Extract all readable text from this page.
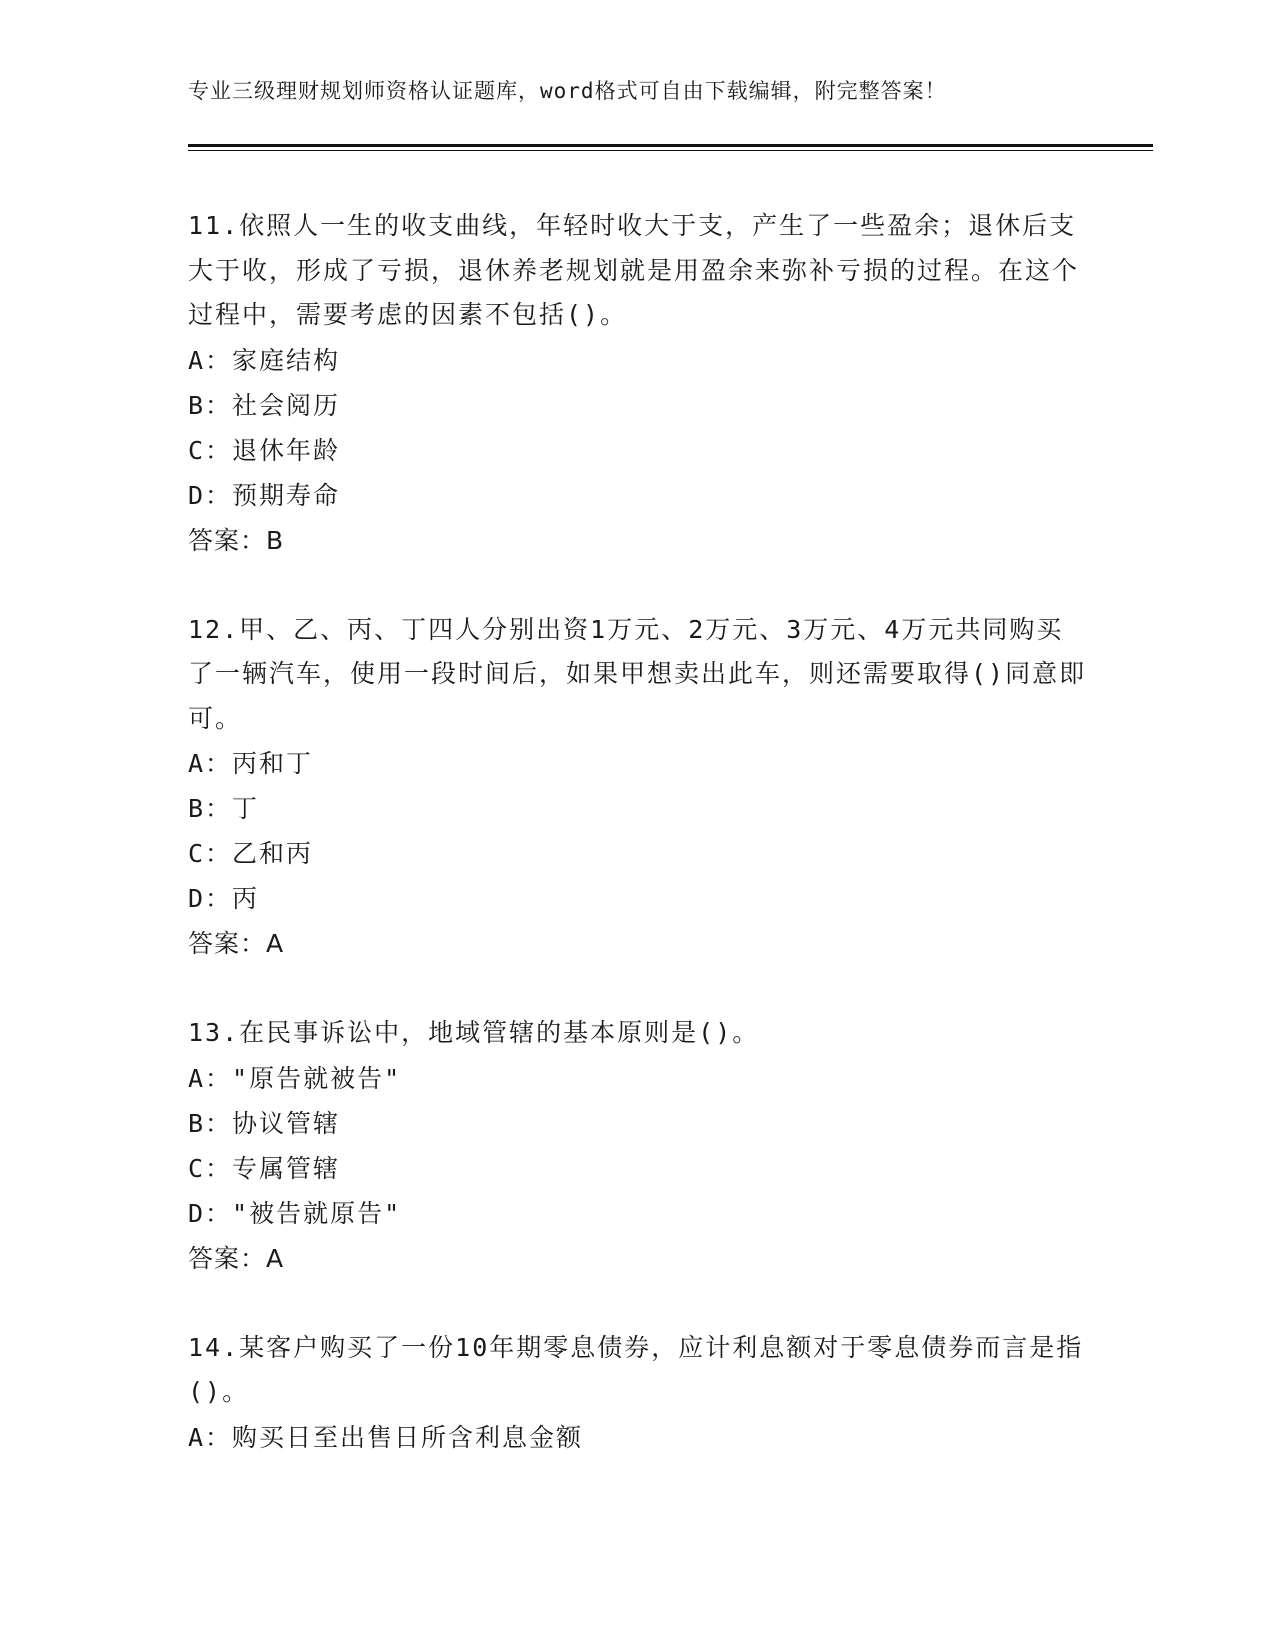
专业三级理财规划师资格认证题库，word格式可自由下载编辑，附完整答案！

11.依照人一生的收支曲线，年轻时收大于支，产生了一些盈余；退休后支大于收，形成了亏损，退休养老规划就是用盈余来弥补亏损的过程。在这个过程中，需要考虑的因素不包括()。

A：家庭结构

B：社会阅历

C：退休年龄

D：预期寿命

答案：B

12.甲、乙、丙、丁四人分别出资1万元、2万元、3万元、4万元共同购买了一辆汽车，使用一段时间后，如果甲想卖出此车，则还需要取得()同意即可。

A：丙和丁

B：丁

C：乙和丙

D：丙

答案：A

13.在民事诉讼中，地域管辖的基本原则是()。

A："原告就被告"

B：协议管辖

C：专属管辖

D："被告就原告"

答案：A

14.某客户购买了一份10年期零息债券，应计利息额对于零息债券而言是指()。

A：购买日至出售日所含利息金额
